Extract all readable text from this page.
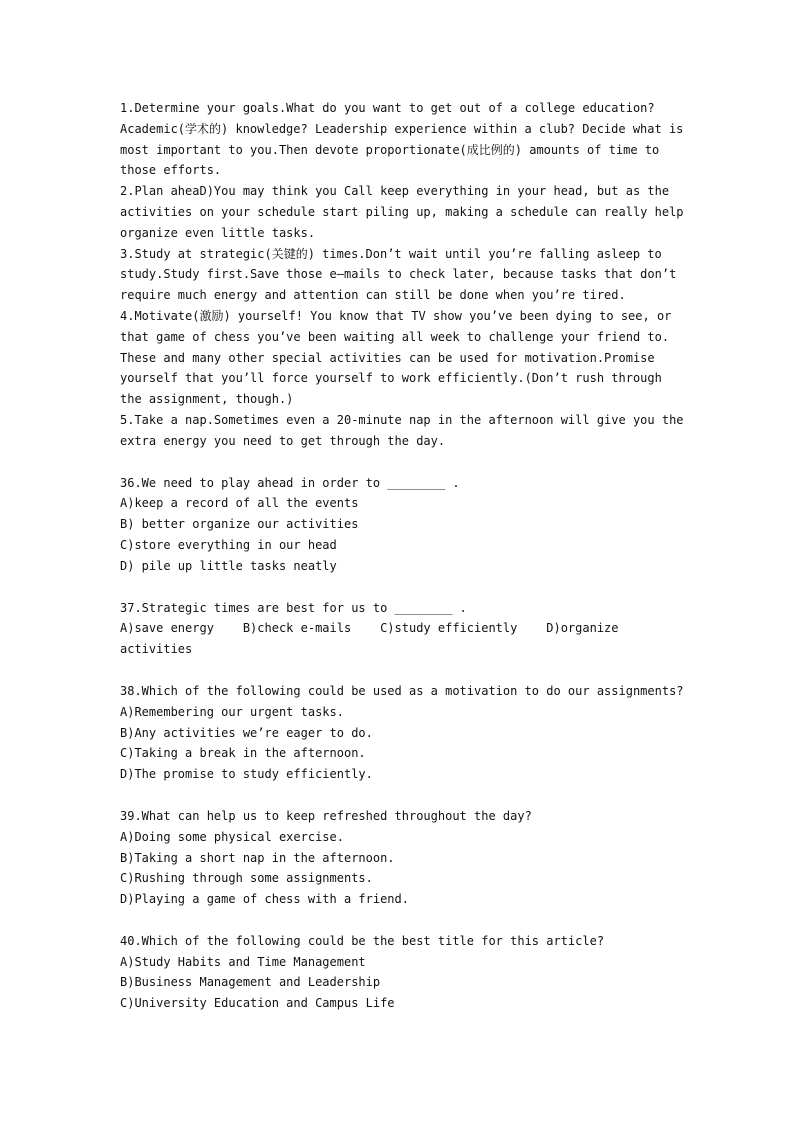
1.Determine your goals.What do you want to get out of a college education?
Academic(学术的) knowledge? Leadership experience within a club? Decide what is
most important to you.Then devote proportionate(成比例的) amounts of time to
those efforts.
2.Plan aheaD)You may think you Call keep everything in your head, but as the
activities on your schedule start piling up, making a schedule can really help
organize even little tasks.
3.Study at strategic(关键的) times.Don’t wait until you’re falling asleep to
study.Study first.Save those e—mails to check later, because tasks that don’t
require much energy and attention can still be done when you’re tired.
4.Motivate(激励) yourself! You know that TV show you’ve been dying to see, or
that game of chess you’ve been waiting all week to challenge your friend to.
These and many other special activities can be used for motivation.Promise
yourself that you’ll force yourself to work efficiently.(Don’t rush through
the assignment, though.)
5.Take a nap.Sometimes even a 20-minute nap in the afternoon will give you the
extra energy you need to get through the day.
36.We need to play ahead in order to ________ .
A)keep a record of all the events
B) better organize our activities
C)store everything in our head
D) pile up little tasks neatly
37.Strategic times are best for us to ________ .
A)save energy    B)check e-mails    C)study efficiently    D)organize
activities
38.Which of the following could be used as a motivation to do our assignments?
A)Remembering our urgent tasks.
B)Any activities we’re eager to do.
C)Taking a break in the afternoon.
D)The promise to study efficiently.
39.What can help us to keep refreshed throughout the day?
A)Doing some physical exercise.
B)Taking a short nap in the afternoon.
C)Rushing through some assignments.
D)Playing a game of chess with a friend.
40.Which of the following could be the best title for this article?
A)Study Habits and Time Management
B)Business Management and Leadership
C)University Education and Campus Life
